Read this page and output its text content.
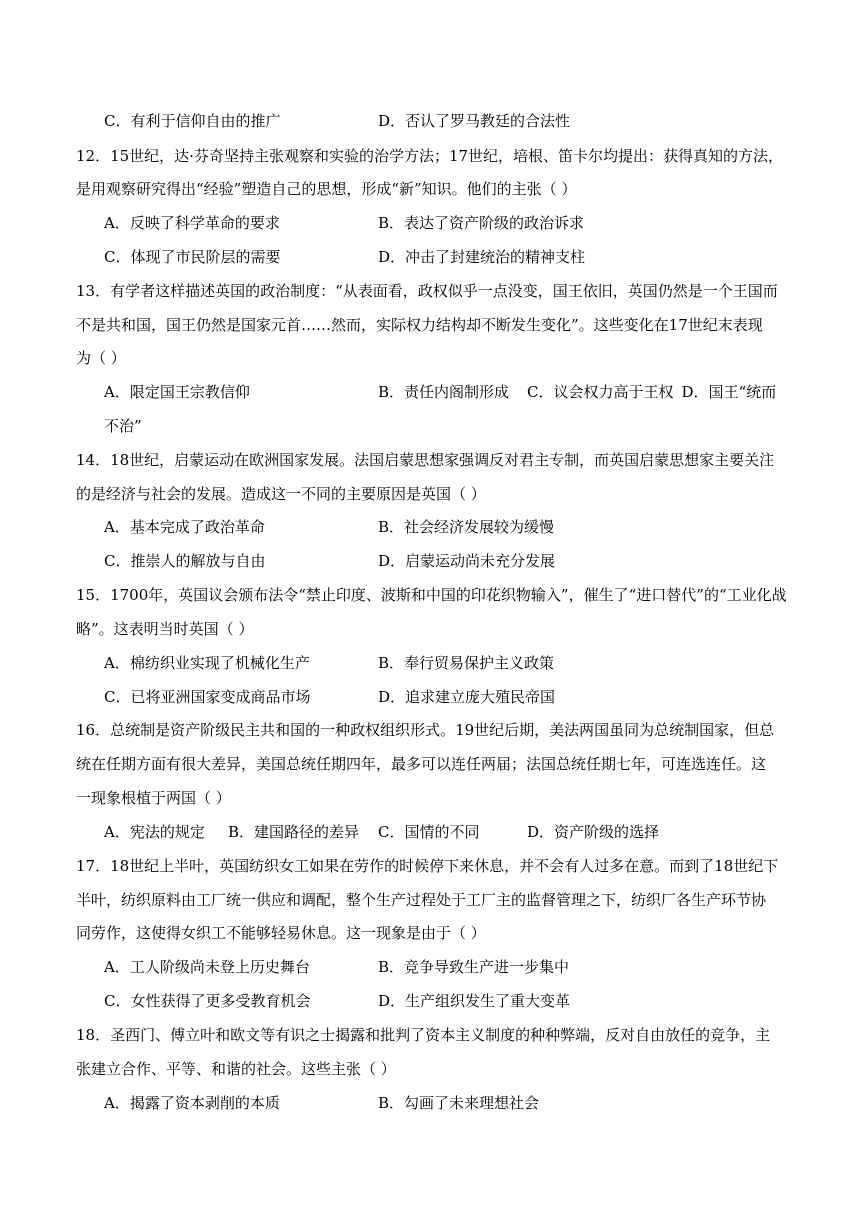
C．有利于信仰自由的推广	D．否认了罗马教廷的合法性
12．15世纪，达·芬奇坚持主张观察和实验的治学方法；17世纪，培根、笛卡尔均提出：获得真知的方法，
是用观察研究得出“经验”塑造自己的思想，形成“新”知识。他们的主张（ ）
A．反映了科学革命的要求	B．表达了资产阶级的政治诉求
C．体现了市民阶层的需要	D．冲击了封建统治的精神支柱
13．有学者这样描述英国的政治制度：“从表面看，政权似乎一点没变，国王依旧，英国仍然是一个王国而
不是共和国，国王仍然是国家元首……然而，实际权力结构却不断发生变化”。这些变化在17世纪末表现
为（ ）
A．限定国王宗教信仰	B．责任内阁制形成 C．议会权力高于王权 D．国王“统而
不治”
14．18世纪，启蒙运动在欧洲国家发展。法国启蒙思想家强调反对君主专制，而英国启蒙思想家主要关注
的是经济与社会的发展。造成这一不同的主要原因是英国（ ）
A．基本完成了政治革命	B．社会经济发展较为缓慢
C．推崇人的解放与自由	D．启蒙运动尚未充分发展
15．1700年，英国议会颁布法令“禁止印度、波斯和中国的印花织物输入”，催生了“进口替代”的“工业化战
略”。这表明当时英国（ ）
A．棉纺织业实现了机械化生产	B．奉行贸易保护主义政策
C．已将亚洲国家变成商品市场	D．追求建立庞大殖民帝国
16．总统制是资产阶级民主共和国的一种政权组织形式。19世纪后期，美法两国虽同为总统制国家，但总
统在任期方面有很大差异，美国总统任期四年，最多可以连任两届；法国总统任期七年，可连选连任。这
一现象根植于两国（ ）
A．宪法的规定 B．建国路径的差异 C．国情的不同	D．资产阶级的选择
17．18世纪上半叶，英国纺织女工如果在劳作的时候停下来休息，并不会有人过多在意。而到了18世纪下
半叶，纺织原料由工厂统一供应和调配，整个生产过程处于工厂主的监督管理之下，纺织厂各生产环节协
同劳作，这使得女织工不能够轻易休息。这一现象是由于（ ）
A．工人阶级尚未登上历史舞台	B．竞争导致生产进一步集中
C．女性获得了更多受教育机会	D．生产组织发生了重大变革
18．圣西门、傅立叶和欧文等有识之士揭露和批判了资本主义制度的种种弊端，反对自由放任的竞争，主
张建立合作、平等、和谐的社会。这些主张（ ）
A．揭露了资本剥削的本质	B．勾画了未来理想社会
